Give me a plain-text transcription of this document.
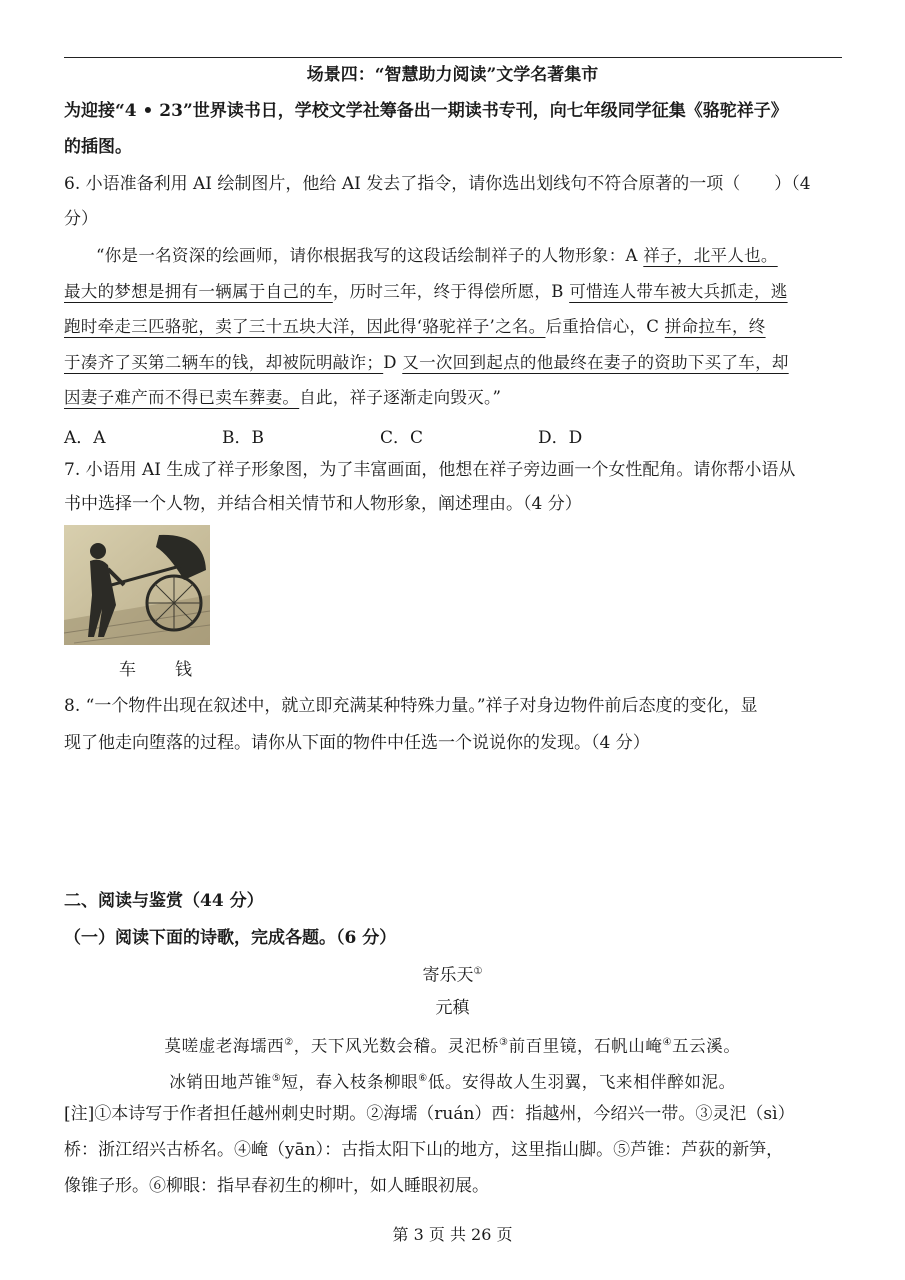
场景四：“智慧助力阅读”文学名著集市
为迎接“4 • 23”世界读书日，学校文学社筹备出一期读书专刊，向七年级同学征集《骆驼祥子》
的插图。
6. 小语准备利用 AI 绘制图片，他给 AI 发去了指令，请你选出划线句不符合原著的一项（　　）（4
分）
“你是一名资深的绘画师，请你根据我写的这段话绘制祥子的人物形象：A 祥子，北平人也。
最大的梦想是拥有一辆属于自己的车，历时三年，终于得偿所愿，B 可惜连人带车被大兵抓走，逃
跑时牵走三匹骆驼，卖了三十五块大洋，因此得‘骆驼祥子’之名。后重拾信心，C 拼命拉车，终
于凑齐了买第二辆车的钱，却被阮明敲诈；D 又一次回到起点的他最终在妻子的资助下买了车，却
因妻子难产而不得已卖车葬妻。自此，祥子逐渐走向毁灭。”
A．A	B．B	C．C	D．D
7. 小语用 AI 生成了祥子形象图，为了丰富画面，他想在祥子旁边画一个女性配角。请你帮小语从
书中选择一个人物，并结合相关情节和人物形象，阐述理由。（4 分）
车 钱
8. “一个物件出现在叙述中，就立即充满某种特殊力量。”祥子对身边物件前后态度的变化，显
现了他走向堕落的过程。请你从下面的物件中任选一个说说你的发现。（4 分）
二、阅读与鉴赏（44 分）
（一）阅读下面的诗歌，完成各题。（6 分）
寄乐天①
元稹
莫嗟虚老海壖西②，天下风光数会稽。灵汜桥③前百里镜，石帆山崦④五云溪。
冰销田地芦锥⑤短，春入枝条柳眼⑥低。安得故人生羽翼，飞来相伴醉如泥。
[注]①本诗写于作者担任越州刺史时期。②海壖（ruán）西：指越州，今绍兴一带。③灵汜（sì）
桥：浙江绍兴古桥名。④崦（yān）：古指太阳下山的地方，这里指山脚。⑤芦锥：芦荻的新笋，
像锥子形。⑥柳眼：指早春初生的柳叶，如人睡眼初展。
第 3 页 共 26 页
